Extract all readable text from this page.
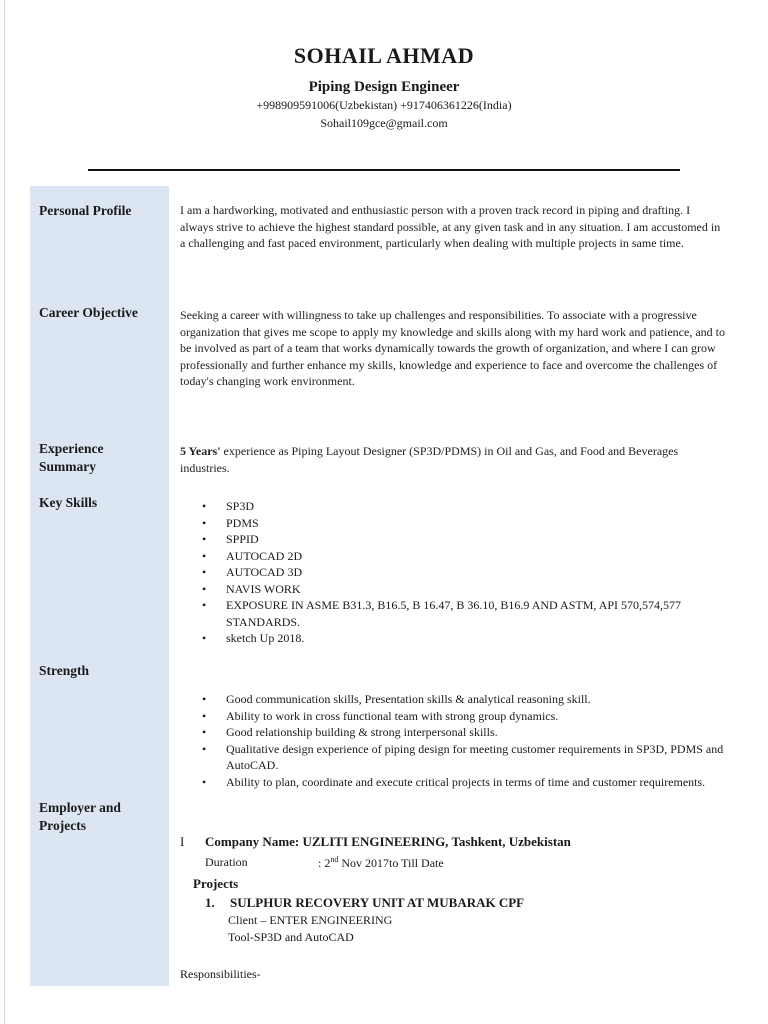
SOHAIL AHMAD
Piping Design Engineer
+998909591006(Uzbekistan) +917406361226(India)
Sohail109gce@gmail.com
Personal Profile
Career Objective
Experience Summary
Key Skills
Strength
Employer and Projects
I am a hardworking, motivated and enthusiastic person with a proven track record in piping and drafting. I always strive to achieve the highest standard possible, at any given task and in any situation. I am accustomed in a challenging and fast paced environment, particularly when dealing with multiple projects in same time.
Seeking a career with willingness to take up challenges and responsibilities. To associate with a progressive organization that gives me scope to apply my knowledge and skills along with my hard work and patience, and to be involved as part of a team that works dynamically towards the growth of organization, and where I can grow professionally and further enhance my skills, knowledge and experience to face and overcome the challenges of today's changing work environment.
5 Years' experience as Piping Layout Designer (SP3D/PDMS) in Oil and Gas, and Food and Beverages industries.
• SP3D
• PDMS
• SPPID
• AUTOCAD 2D
• AUTOCAD 3D
• NAVIS WORK
• EXPOSURE IN ASME B31.3, B16.5, B 16.47, B 36.10, B16.9 AND ASTM, API 570,574,577 STANDARDS.
• sketch Up 2018.
• Good communication skills, Presentation skills & analytical reasoning skill.
• Ability to work in cross functional team with strong group dynamics.
• Good relationship building & strong interpersonal skills.
• Qualitative design experience of piping design for meeting customer requirements in SP3D, PDMS and AutoCAD.
• Ability to plan, coordinate and execute critical projects in terms of time and customer requirements.
I Company Name: UZLITI ENGINEERING, Tashkent, Uzbekistan
Duration	: 2nd Nov 2017to Till Date
Projects
1. SULPHUR RECOVERY UNIT AT MUBARAK CPF
Client – ENTER ENGINEERING
Tool-SP3D and AutoCAD
Responsibilities-
